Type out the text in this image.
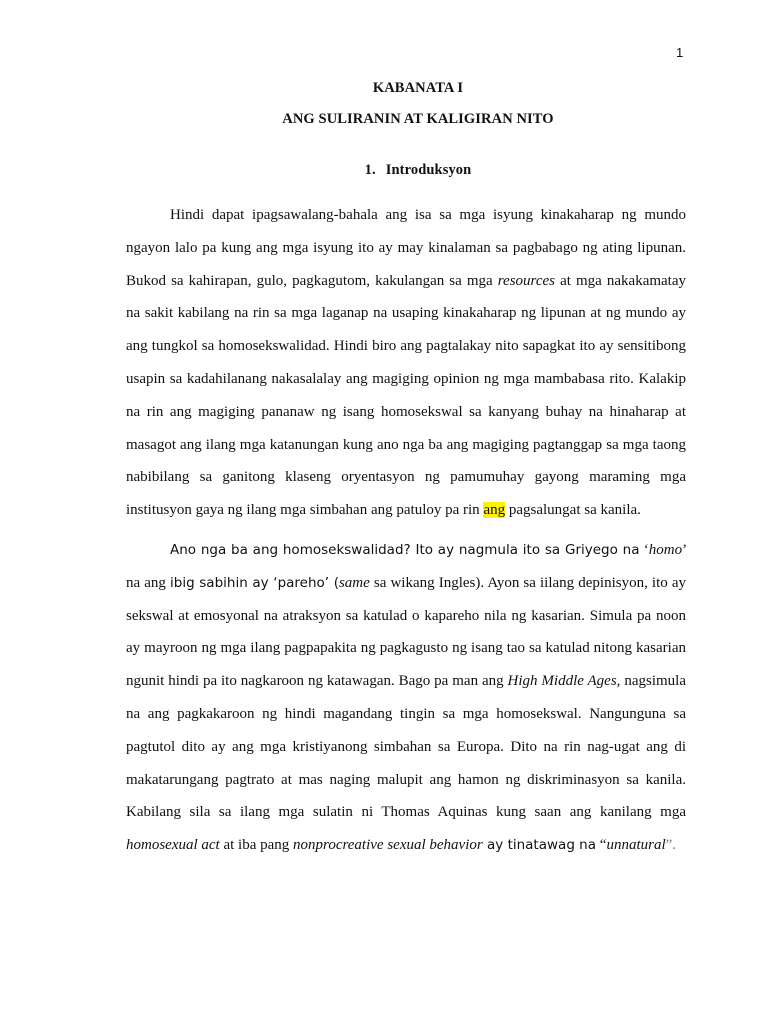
1
KABANATA I
ANG SULIRANIN AT KALIGIRAN NITO
1. Introduksyon

Hindi dapat ipagsawalang-bahala ang isa sa mga isyung kinakaharap ng mundo ngayon lalo pa kung ang mga isyung ito ay may kinalaman sa pagbabago ng ating lipunan. Bukod sa kahirapan, gulo, pagkagutom, kakulangan sa mga resources at mga nakakamatay na sakit kabilang na rin sa mga laganap na usaping kinakaharap ng lipunan at ng mundo ay ang tungkol sa homosekswalidad. Hindi biro ang pagtalakay nito sapagkat ito ay sensitibong usapin sa kadahilanang nakasalalay ang magiging opinion ng mga mambabasa rito. Kalakip na rin ang magiging pananaw ng isang homosekswal sa kanyang buhay na hinaharap at masagot ang ilang mga katanungan kung ano nga ba ang magiging pagtanggap sa mga taong nabibilang sa ganitong klaseng oryentasyon ng pamumuhay gayong maraming mga institusyon gaya ng ilang mga simbahan ang patuloy pa rin ang pagsalungat sa kanila.

Ano nga ba ang homosekswalidad? Ito ay nagmula ito sa Griyego na ‘homo’ na ang ibig sabihin ay ‘pareho’ (same sa wikang Ingles). Ayon sa iilang depinisyon, ito ay sekswal at emosyonal na atraksyon sa katulad o kapareho nila ng kasarian. Simula pa noon ay mayroon ng mga ilang pagpapakita ng pagkagusto ng isang tao sa katulad nitong kasarian ngunit hindi pa ito nagkaroon ng katawagan. Bago pa man ang High Middle Ages, nagsimula na ang pagkakaroon ng hindi magandang tingin sa mga homosekswal. Nangunguna sa pagtutol dito ay ang mga kristiyanong simbahan sa Europa. Dito na rin nag-ugat ang di makatarungang pagtrato at mas naging malupit ang hamon ng diskriminasyon sa kanila. Kabilang sila sa ilang mga sulatin ni Thomas Aquinas kung saan ang kanilang mga homosexual act at iba pang nonprocreative sexual behavior ay tinatawag na “unnatural”.
